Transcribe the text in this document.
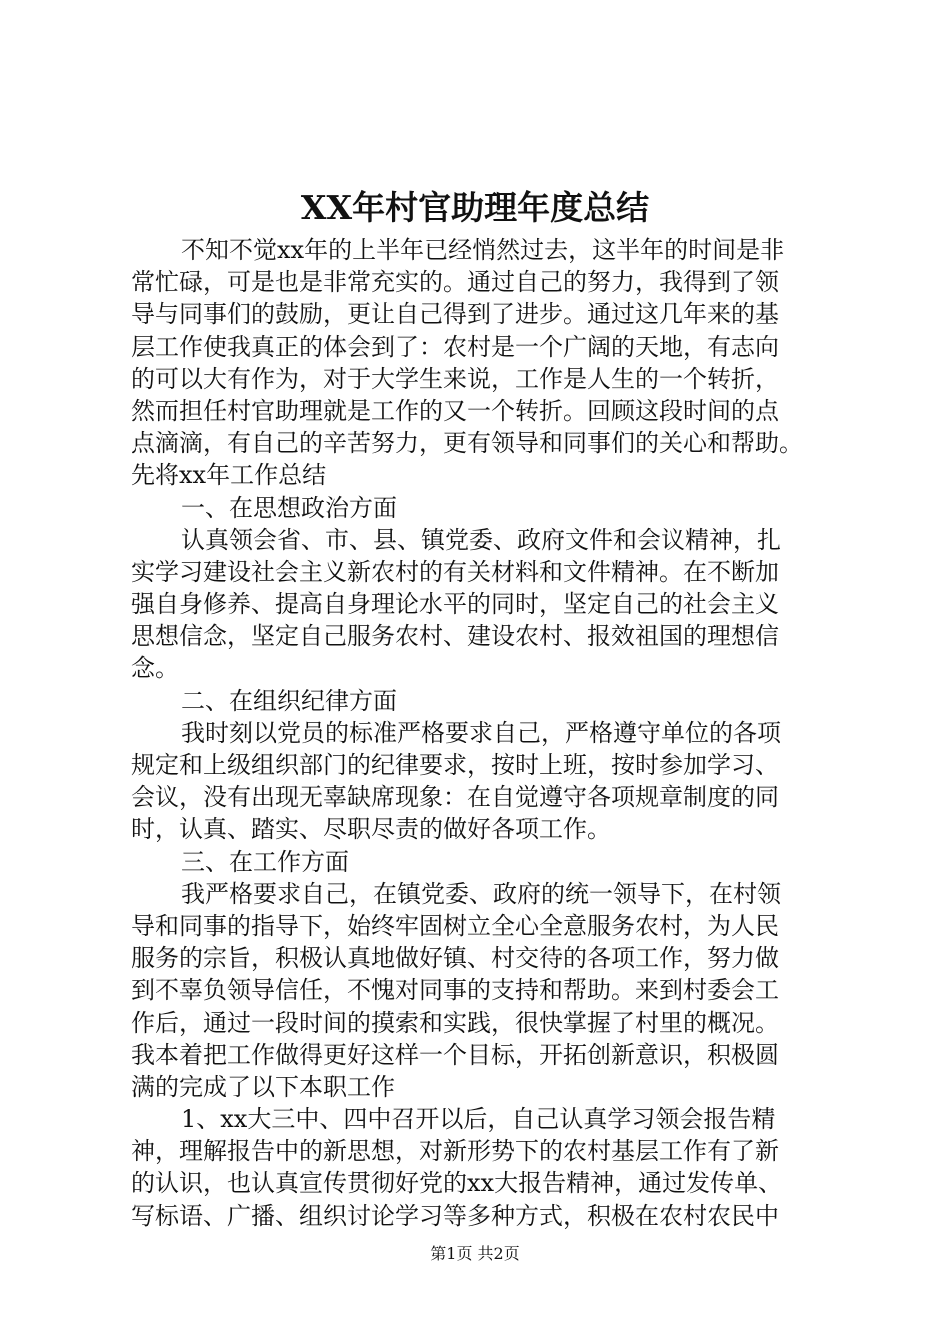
XX年村官助理年度总结
不知不觉xx年的上半年已经悄然过去，这半年的时间是非
常忙碌，可是也是非常充实的。通过自己的努力，我得到了领
导与同事们的鼓励，更让自己得到了进步。通过这几年来的基
层工作使我真正的体会到了：农村是一个广阔的天地，有志向
的可以大有作为，对于大学生来说，工作是人生的一个转折，
然而担任村官助理就是工作的又一个转折。回顾这段时间的点
点滴滴，有自己的辛苦努力，更有领导和同事们的关心和帮助。
先将xx年工作总结
一、在思想政治方面
认真领会省、市、县、镇党委、政府文件和会议精神，扎
实学习建设社会主义新农村的有关材料和文件精神。在不断加
强自身修养、提高自身理论水平的同时，坚定自己的社会主义
思想信念，坚定自己服务农村、建设农村、报效祖国的理想信
念。
二、在组织纪律方面
我时刻以党员的标准严格要求自己，严格遵守单位的各项
规定和上级组织部门的纪律要求，按时上班，按时参加学习、
会议，没有出现无辜缺席现象：在自觉遵守各项规章制度的同
时，认真、踏实、尽职尽责的做好各项工作。
三、在工作方面
我严格要求自己，在镇党委、政府的统一领导下，在村领
导和同事的指导下，始终牢固树立全心全意服务农村，为人民
服务的宗旨，积极认真地做好镇、村交待的各项工作，努力做
到不辜负领导信任，不愧对同事的支持和帮助。来到村委会工
作后，通过一段时间的摸索和实践，很快掌握了村里的概况。
我本着把工作做得更好这样一个目标，开拓创新意识，积极圆
满的完成了以下本职工作
1、xx大三中、四中召开以后，自己认真学习领会报告精
神，理解报告中的新思想，对新形势下的农村基层工作有了新
的认识，也认真宣传贯彻好党的xx大报告精神，通过发传单、
写标语、广播、组织讨论学习等多种方式，积极在农村农民中
第1页 共2页
